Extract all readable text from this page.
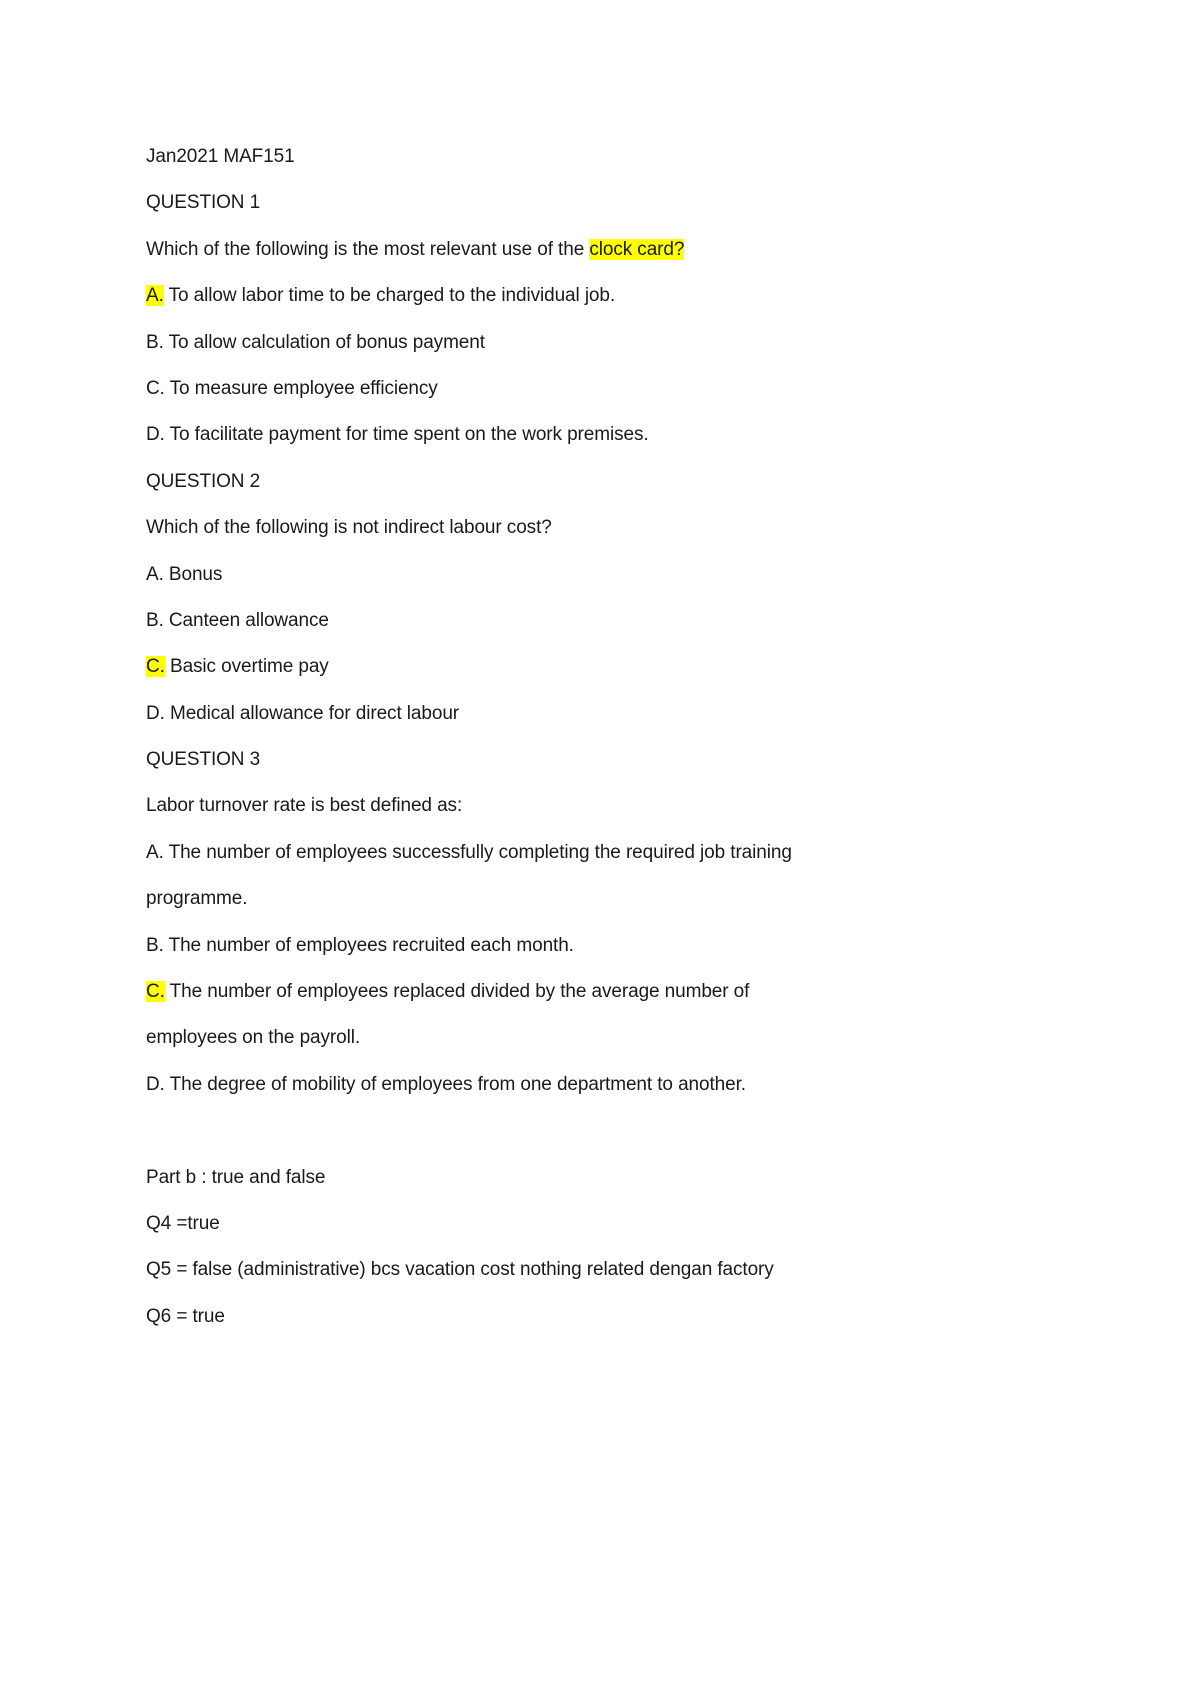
Jan2021 MAF151
QUESTION 1
Which of the following is the most relevant use of the clock card?
A. To allow labor time to be charged to the individual job.
B. To allow calculation of bonus payment
C. To measure employee efficiency
D. To facilitate payment for time spent on the work premises.
QUESTION 2
Which of the following is not indirect labour cost?
A. Bonus
B. Canteen allowance
C. Basic overtime pay
D. Medical allowance for direct labour
QUESTION 3
Labor turnover rate is best defined as:
A. The number of employees successfully completing the required job training
programme.
B. The number of employees recruited each month.
C. The number of employees replaced divided by the average number of
employees on the payroll.
D. The degree of mobility of employees from one department to another.
Part b : true and false
Q4 =true
Q5 = false (administrative) bcs vacation cost nothing related dengan factory
Q6 = true
